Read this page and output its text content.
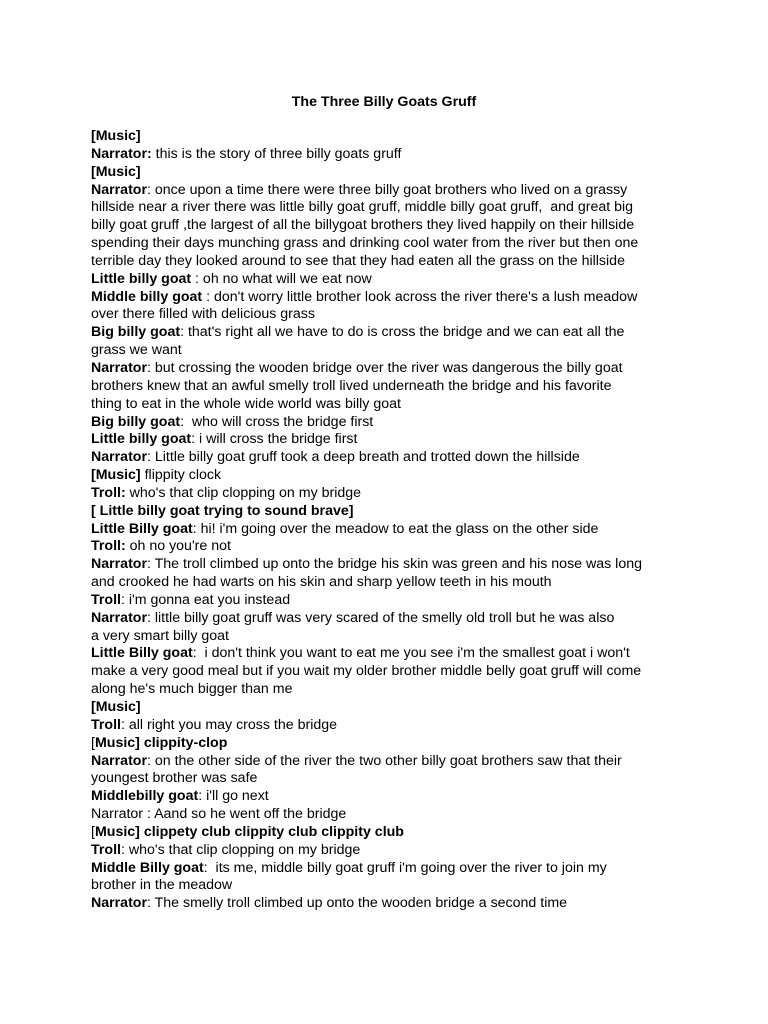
The Three Billy Goats Gruff

[Music]

Narrator: this is the story of three billy goats gruff

[Music]

Narrator: once upon a time there were three billy goat brothers who lived on a grassy
hillside near a river there was little billy goat gruff, middle billy goat gruff,  and great big
billy goat gruff ,the largest of all the billygoat brothers they lived happily on their hillside
spending their days munching grass and drinking cool water from the river but then one
terrible day they looked around to see that they had eaten all the grass on the hillside

Little billy goat : oh no what will we eat now

Middle billy goat : don't worry little brother look across the river there's a lush meadow
over there filled with delicious grass

Big billy goat: that's right all we have to do is cross the bridge and we can eat all the
grass we want

Narrator: but crossing the wooden bridge over the river was dangerous the billy goat
brothers knew that an awful smelly troll lived underneath the bridge and his favorite
thing to eat in the whole wide world was billy goat

Big billy goat:  who will cross the bridge first

Little billy goat: i will cross the bridge first

Narrator: Little billy goat gruff took a deep breath and trotted down the hillside

[Music] flippity clock

Troll: who's that clip clopping on my bridge

[ Little billy goat trying to sound brave]

Little Billy goat: hi! i'm going over the meadow to eat the glass on the other side

Troll: oh no you're not

Narrator: The troll climbed up onto the bridge his skin was green and his nose was long
and crooked he had warts on his skin and sharp yellow teeth in his mouth

Troll: i'm gonna eat you instead

Narrator: little billy goat gruff was very scared of the smelly old troll but he was also
a very smart billy goat

Little Billy goat:  i don't think you want to eat me you see i'm the smallest goat i won't
make a very good meal but if you wait my older brother middle belly goat gruff will come
along he's much bigger than me

[Music]

Troll: all right you may cross the bridge

[Music] clippity-clop

Narrator: on the other side of the river the two other billy goat brothers saw that their
youngest brother was safe

Middlebilly goat: i'll go next

Narrator : Aand so he went off the bridge

[Music] clippety club clippity club clippity club

Troll: who's that clip clopping on my bridge

Middle Billy goat:  its me, middle billy goat gruff i'm going over the river to join my
brother in the meadow

Narrator: The smelly troll climbed up onto the wooden bridge a second time
